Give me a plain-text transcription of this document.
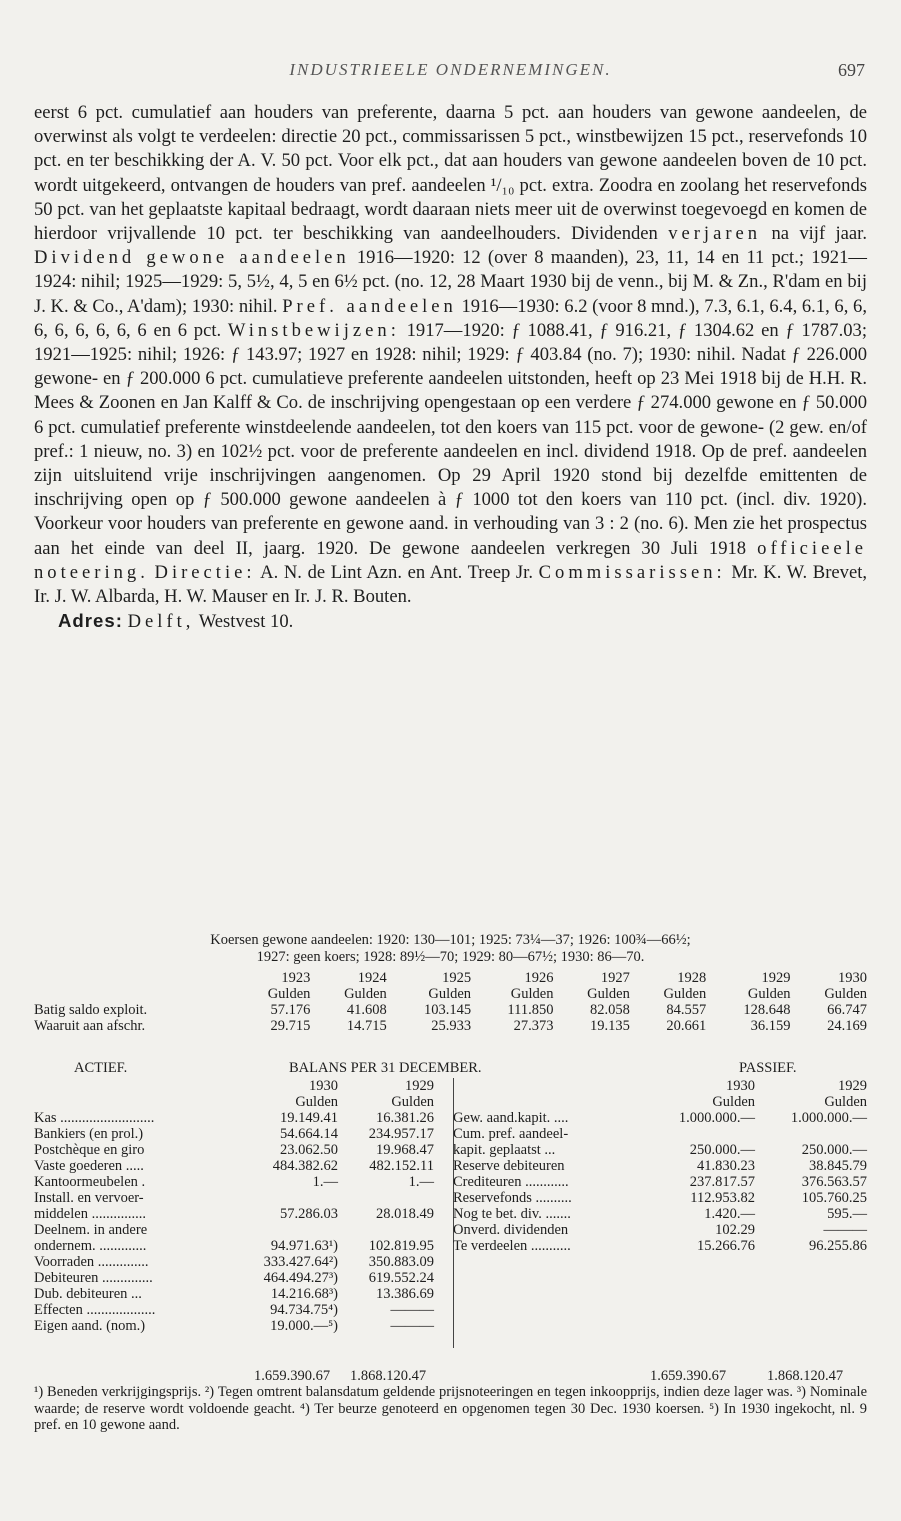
INDUSTRIEELE ONDERNEMINGEN.	697

eerst 6 pct. cumulatief aan houders van preferente, daarna 5 pct. aan houders van gewone aandeelen, de overwinst als volgt te verdeelen: directie 20 pct., commissarissen 5 pct., winstbewijzen 15 pct., reservefonds 10 pct. en ter beschikking der A. V. 50 pct. Voor elk pct., dat aan houders van gewone aandeelen boven de 10 pct. wordt uitgekeerd, ontvangen de houders van pref. aandeelen ¹/₁₀ pct. extra. Zoodra en zoolang het reservefonds 50 pct. van het geplaatste kapitaal bedraagt, wordt daaraan niets meer uit de overwinst toegevoegd en komen de hierdoor vrijvallende 10 pct. ter beschikking van aandeelhouders. Dividenden verjaren na vijf jaar. Dividend gewone aandeelen 1916—1920: 12 (over 8 maanden), 23, 11, 14 en 11 pct.; 1921—1924: nihil; 1925—1929: 5, 5½, 4, 5 en 6½ pct. (no. 12, 28 Maart 1930 bij de venn., bij M. & Zn., R'dam en bij J. K. & Co., A'dam); 1930: nihil. Pref. aandeelen 1916—1930: 6.2 (voor 8 mnd.), 7.3, 6.1, 6.4, 6.1, 6, 6, 6, 6, 6, 6, 6, 6 en 6 pct. Winstbewijzen: 1917—1920: ƒ 1088.41, ƒ 916.21, ƒ 1304.62 en ƒ 1787.03; 1921—1925: nihil; 1926: ƒ 143.97; 1927 en 1928: nihil; 1929: ƒ 403.84 (no. 7); 1930: nihil. Nadat ƒ 226.000 gewone- en ƒ 200.000 6 pct. cumulatieve preferente aandeelen uitstonden, heeft op 23 Mei 1918 bij de H.H. R. Mees & Zoonen en Jan Kalff & Co. de inschrijving opengestaan op een verdere ƒ 274.000 gewone en ƒ 50.000 6 pct. cumulatief preferente winstdeelende aandeelen, tot den koers van 115 pct. voor de gewone- (2 gew. en/of pref.: 1 nieuw, no. 3) en 102½ pct. voor de preferente aandeelen en incl. dividend 1918. Op de pref. aandeelen zijn uitsluitend vrije inschrijvingen aangenomen. Op 29 April 1920 stond bij dezelfde emittenten de inschrijving open op ƒ 500.000 gewone aandeelen à ƒ 1000 tot den koers van 110 pct. (incl. div. 1920). Voorkeur voor houders van preferente en gewone aand. in verhouding van 3 : 2 (no. 6). Men zie het prospectus aan het einde van deel II, jaarg. 1920. De gewone aandeelen verkregen 30 Juli 1918 officieele noteering. Directie: A. N. de Lint Azn. en Ant. Treep Jr. Commissarissen: Mr. K. W. Brevet, Ir. J. W. Albarda, H. W. Mauser en Ir. J. R. Bouten.

Adres: Delft, Westvest 10.
Koersen gewone aandeelen: 1920: 130—101; 1925: 73¼—37; 1926: 100¾—66½;
1927: geen koers; 1928: 89½—70; 1929: 80—67½; 1930: 86—70.
	1923	1924	1925	1926	1927	1928	1929	1930
	Gulden	Gulden	Gulden	Gulden	Gulden	Gulden	Gulden	Gulden
Batig saldo exploit.	57.176	41.608	103.145	111.850	82.058	84.557	128.648	66.747
Waaruit aan afschr.	29.715	14.715	25.933	27.373	19.135	20.661	36.159	24.169
ACTIEF.	BALANS PER 31 DECEMBER.	PASSIEF.
	1930	1929
	Gulden	Gulden
Kas ..........................	19.149.41	16.381.26
Bankiers (en prol.)	54.664.14	234.957.17
Postchèque en giro	23.062.50	19.968.47
Vaste goederen .....	484.382.62	482.152.11
Kantoormeubelen .	1.—	1.—
Install. en vervoer-		
middelen ...............	57.286.03	28.018.49
Deelnem. in andere		
ondernem. .............	94.971.63¹)	102.819.95
Voorraden ..............	333.427.64²)	350.883.09
Debiteuren ..............	464.494.27³)	619.552.24
Dub. debiteuren ...	14.216.68³)	13.386.69
Effecten ...................	94.734.75⁴)	———
Eigen aand. (nom.)	19.000.—⁵)	———
	1930	1929
	Gulden	Gulden
Gew. aand.kapit. ....	1.000.000.—	1.000.000.—
Cum. pref. aandeel-		
kapit. geplaatst ...	250.000.—	250.000.—
Reserve debiteuren	41.830.23	38.845.79
Crediteuren ............	237.817.57	376.563.57
Reservefonds ..........	112.953.82	105.760.25
Nog te bet. div. .......	1.420.—	595.—
Onverd. dividenden	102.29	———
Te verdeelen ...........	15.266.76	96.255.86
1.659.390.67 1.868.120.47	1.659.390.67	1.868.120.47
¹) Beneden verkrijgingsprijs. ²) Tegen omtrent balansdatum geldende prijsnoteeringen en tegen inkoopprijs, indien deze lager was. ³) Nominale waarde; de reserve wordt voldoende geacht. ⁴) Ter beurze genoteerd en opgenomen tegen 30 Dec. 1930 koersen. ⁵) In 1930 ingekocht, nl. 9 pref. en 10 gewone aand.
